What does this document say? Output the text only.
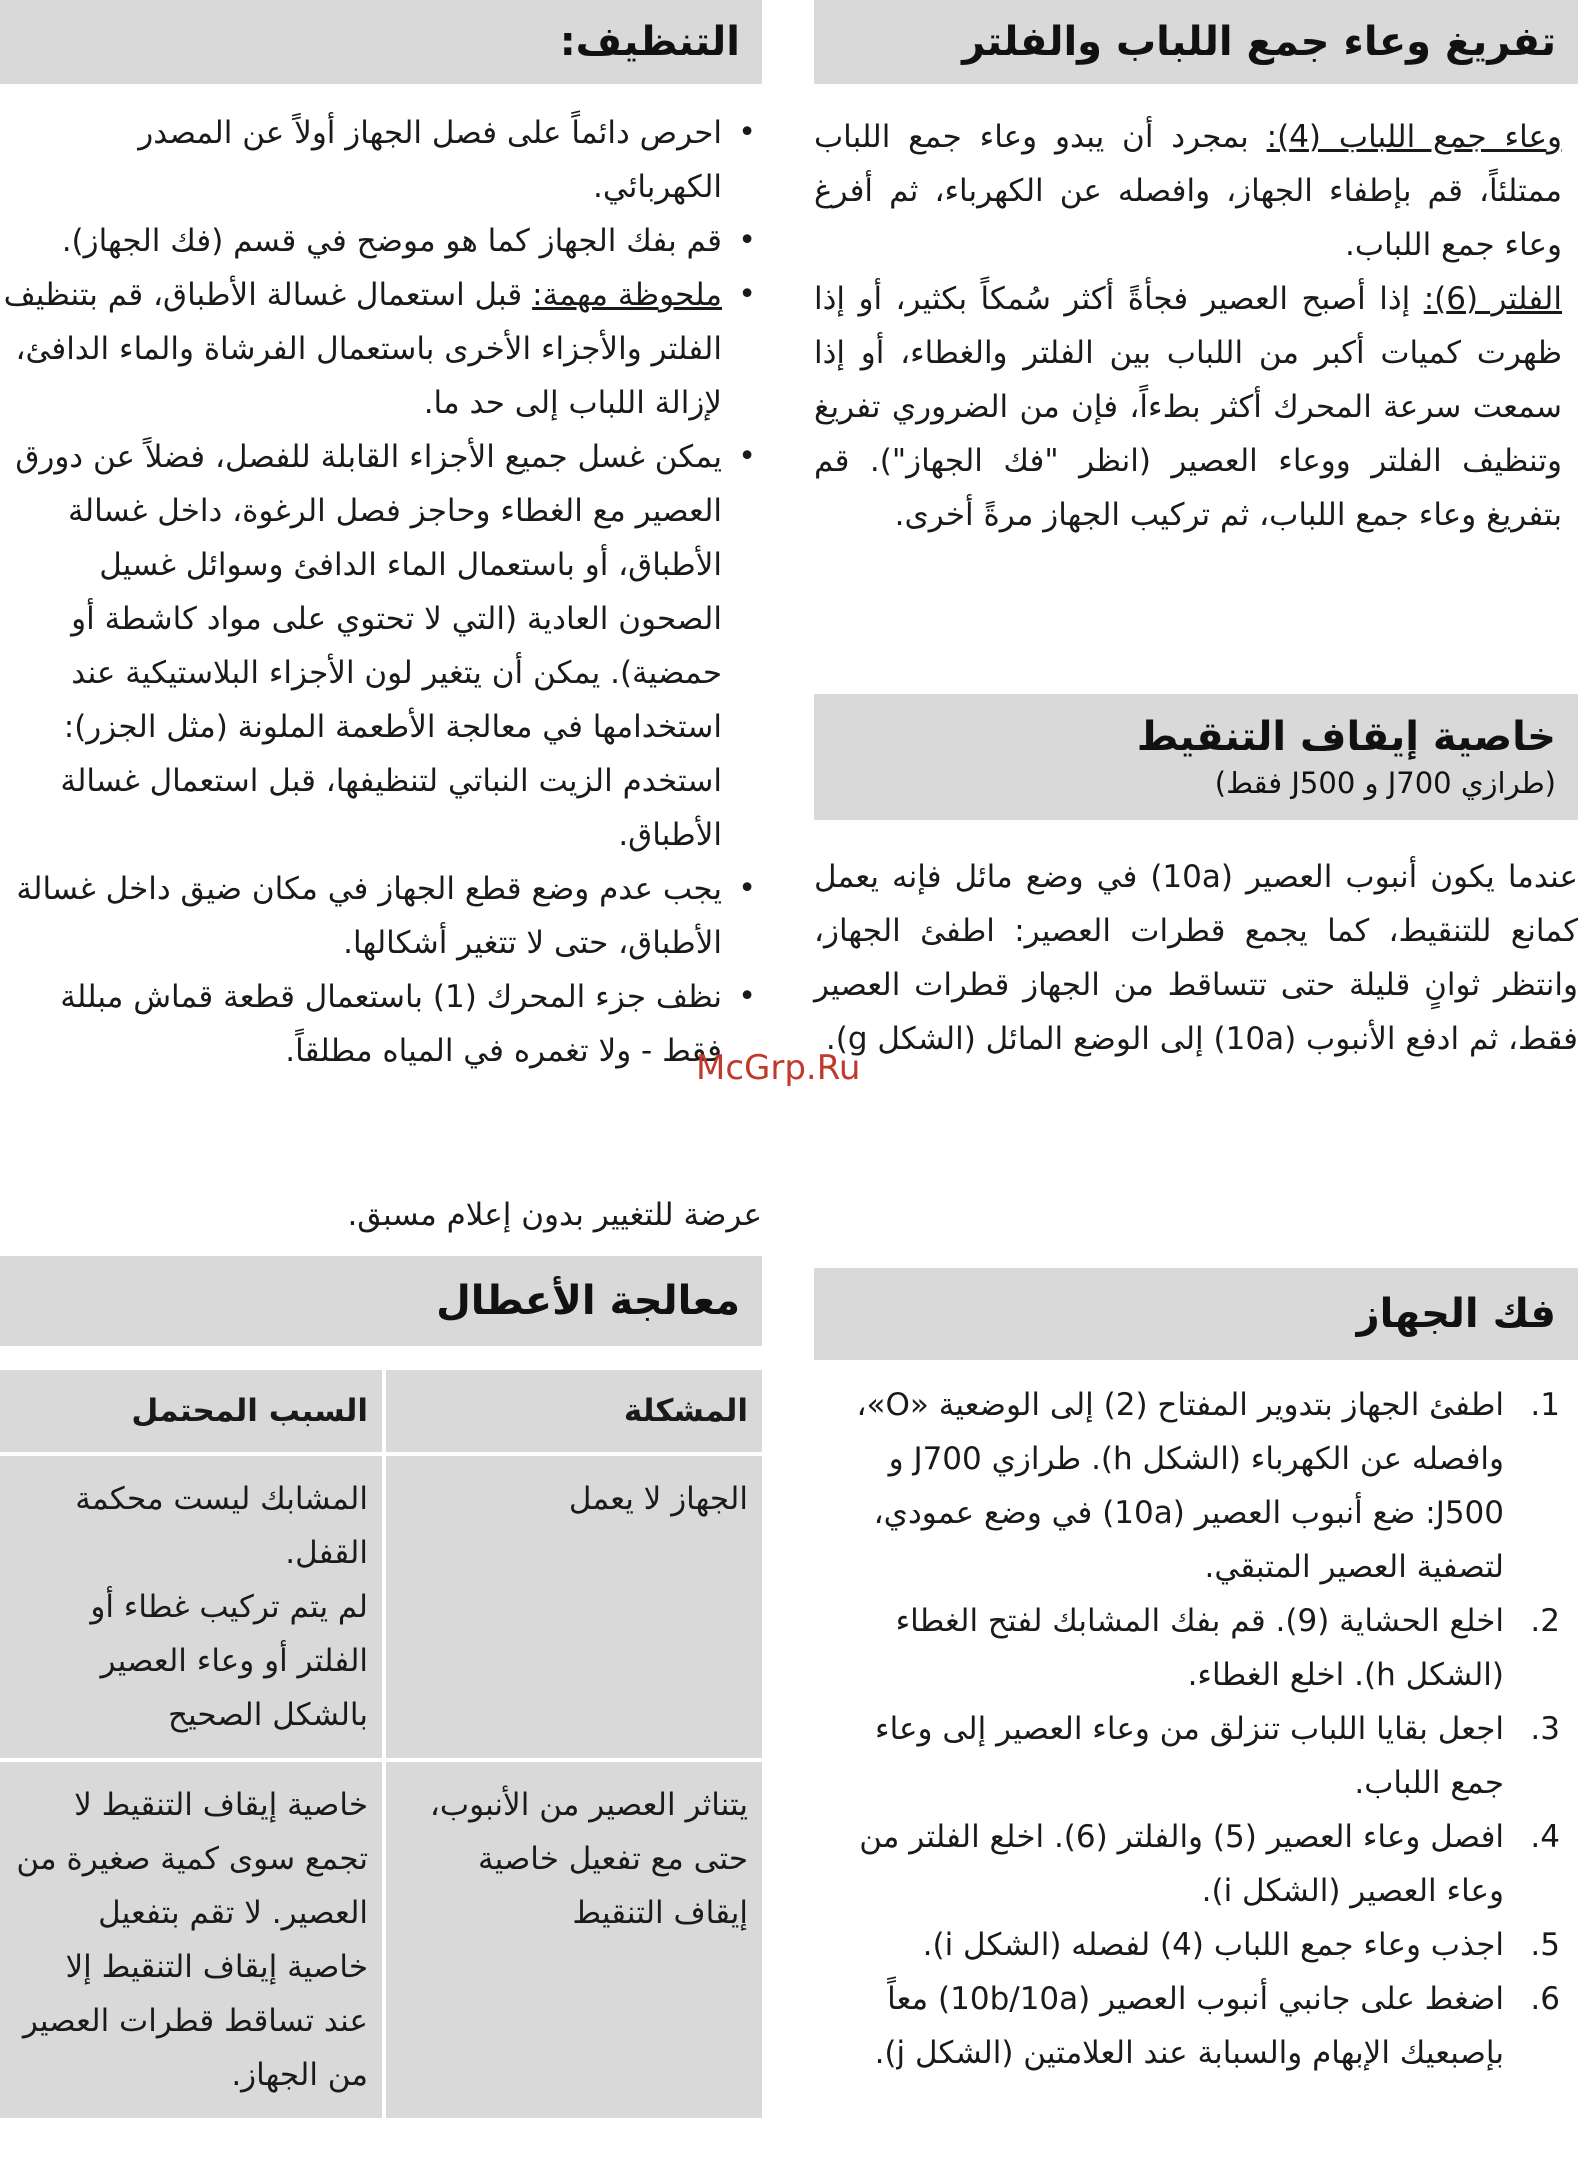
تفريغ وعاء جمع اللباب والفلتر

وعاء جمع اللباب (4): بمجرد أن يبدو وعاء جمع اللباب ممتلئاً، قم بإطفاء الجهاز، وافصله عن الكهرباء، ثم أفرغ وعاء جمع اللباب.

الفلتر (6): إذا أصبح العصير فجأةً أكثر سُمكاً بكثير، أو إذا ظهرت كميات أكبر من اللباب بين الفلتر والغطاء، أو إذا سمعت سرعة المحرك أكثر بطءاً، فإن من الضروري تفريغ وتنظيف الفلتر ووعاء العصير (انظر "فك الجهاز"). قم بتفريغ وعاء جمع اللباب، ثم تركيب الجهاز مرةً أخرى.

خاصية إيقاف التنقيط
(طرازي J700 و J500 فقط)

عندما يكون أنبوب العصير (10a) في وضع مائل فإنه يعمل كمانع للتنقيط، كما يجمع قطرات العصير: اطفئ الجهاز، وانتظر ثوانٍ قليلة حتى تتساقط من الجهاز قطرات العصير فقط، ثم ادفع الأنبوب (10a) إلى الوضع المائل (الشكل g).

فك الجهاز
1.
اطفئ الجهاز بتدوير المفتاح (2) إلى الوضعية «O»، وافصله عن الكهرباء (الشكل h). طرازي J700 و J500: ضع أنبوب العصير (10a) في وضع عمودي، لتصفية العصير المتبقي.
2.
اخلع الحشاية (9). قم بفك المشابك لفتح الغطاء (الشكل h). اخلع الغطاء.
3.
اجعل بقايا اللباب تنزلق من وعاء العصير إلى وعاء جمع اللباب.
4.
افصل وعاء العصير (5) والفلتر (6). اخلع الفلتر من وعاء العصير (الشكل i).
5.
اجذب وعاء جمع اللباب (4) لفصله (الشكل i).
6.
اضغط على جانبي أنبوب العصير (10b/10a) معاً بإصبعيك الإبهام والسبابة عند العلامتين (الشكل j).
التنظيف:
• احرص دائماً على فصل الجهاز أولاً عن المصدر الكهربائي.
• قم بفك الجهاز كما هو موضح في قسم (فك الجهاز).
• ملحوظة مهمة: قبل استعمال غسالة الأطباق، قم بتنظيف الفلتر والأجزاء الأخرى باستعمال الفرشاة والماء الدافئ، لإزالة اللباب إلى حد ما.
• يمكن غسل جميع الأجزاء القابلة للفصل، فضلاً عن دورق العصير مع الغطاء وحاجز فصل الرغوة، داخل غسالة الأطباق، أو باستعمال الماء الدافئ وسوائل غسيل الصحون العادية (التي لا تحتوي على مواد كاشطة أو حمضية). يمكن أن يتغير لون الأجزاء البلاستيكية عند استخدامها في معالجة الأطعمة الملونة (مثل الجزر): استخدم الزيت النباتي لتنظيفها، قبل استعمال غسالة الأطباق.
• يجب عدم وضع قطع الجهاز في مكان ضيق داخل غسالة الأطباق، حتى لا تتغير أشكالها.
• نظف جزء المحرك (1) باستعمال قطعة قماش مبللة فقط - ولا تغمره في المياه مطلقاً.
عرضة للتغيير بدون إعلام مسبق.
معالجة الأعطال
المشكلة
السبب المحتمل
الجهاز لا يعمل
المشابك ليست محكمة القفل.
لم يتم تركيب غطاء أو الفلتر أو وعاء العصير بالشكل الصحيح
يتناثر العصير من الأنبوب، حتى مع تفعيل خاصية إيقاف التنقيط
خاصية إيقاف التنقيط لا تجمع سوى كمية صغيرة من العصير. لا تقم بتفعيل خاصية إيقاف التنقيط إلا عند تساقط قطرات العصير من الجهاز.
McGrp.Ru
